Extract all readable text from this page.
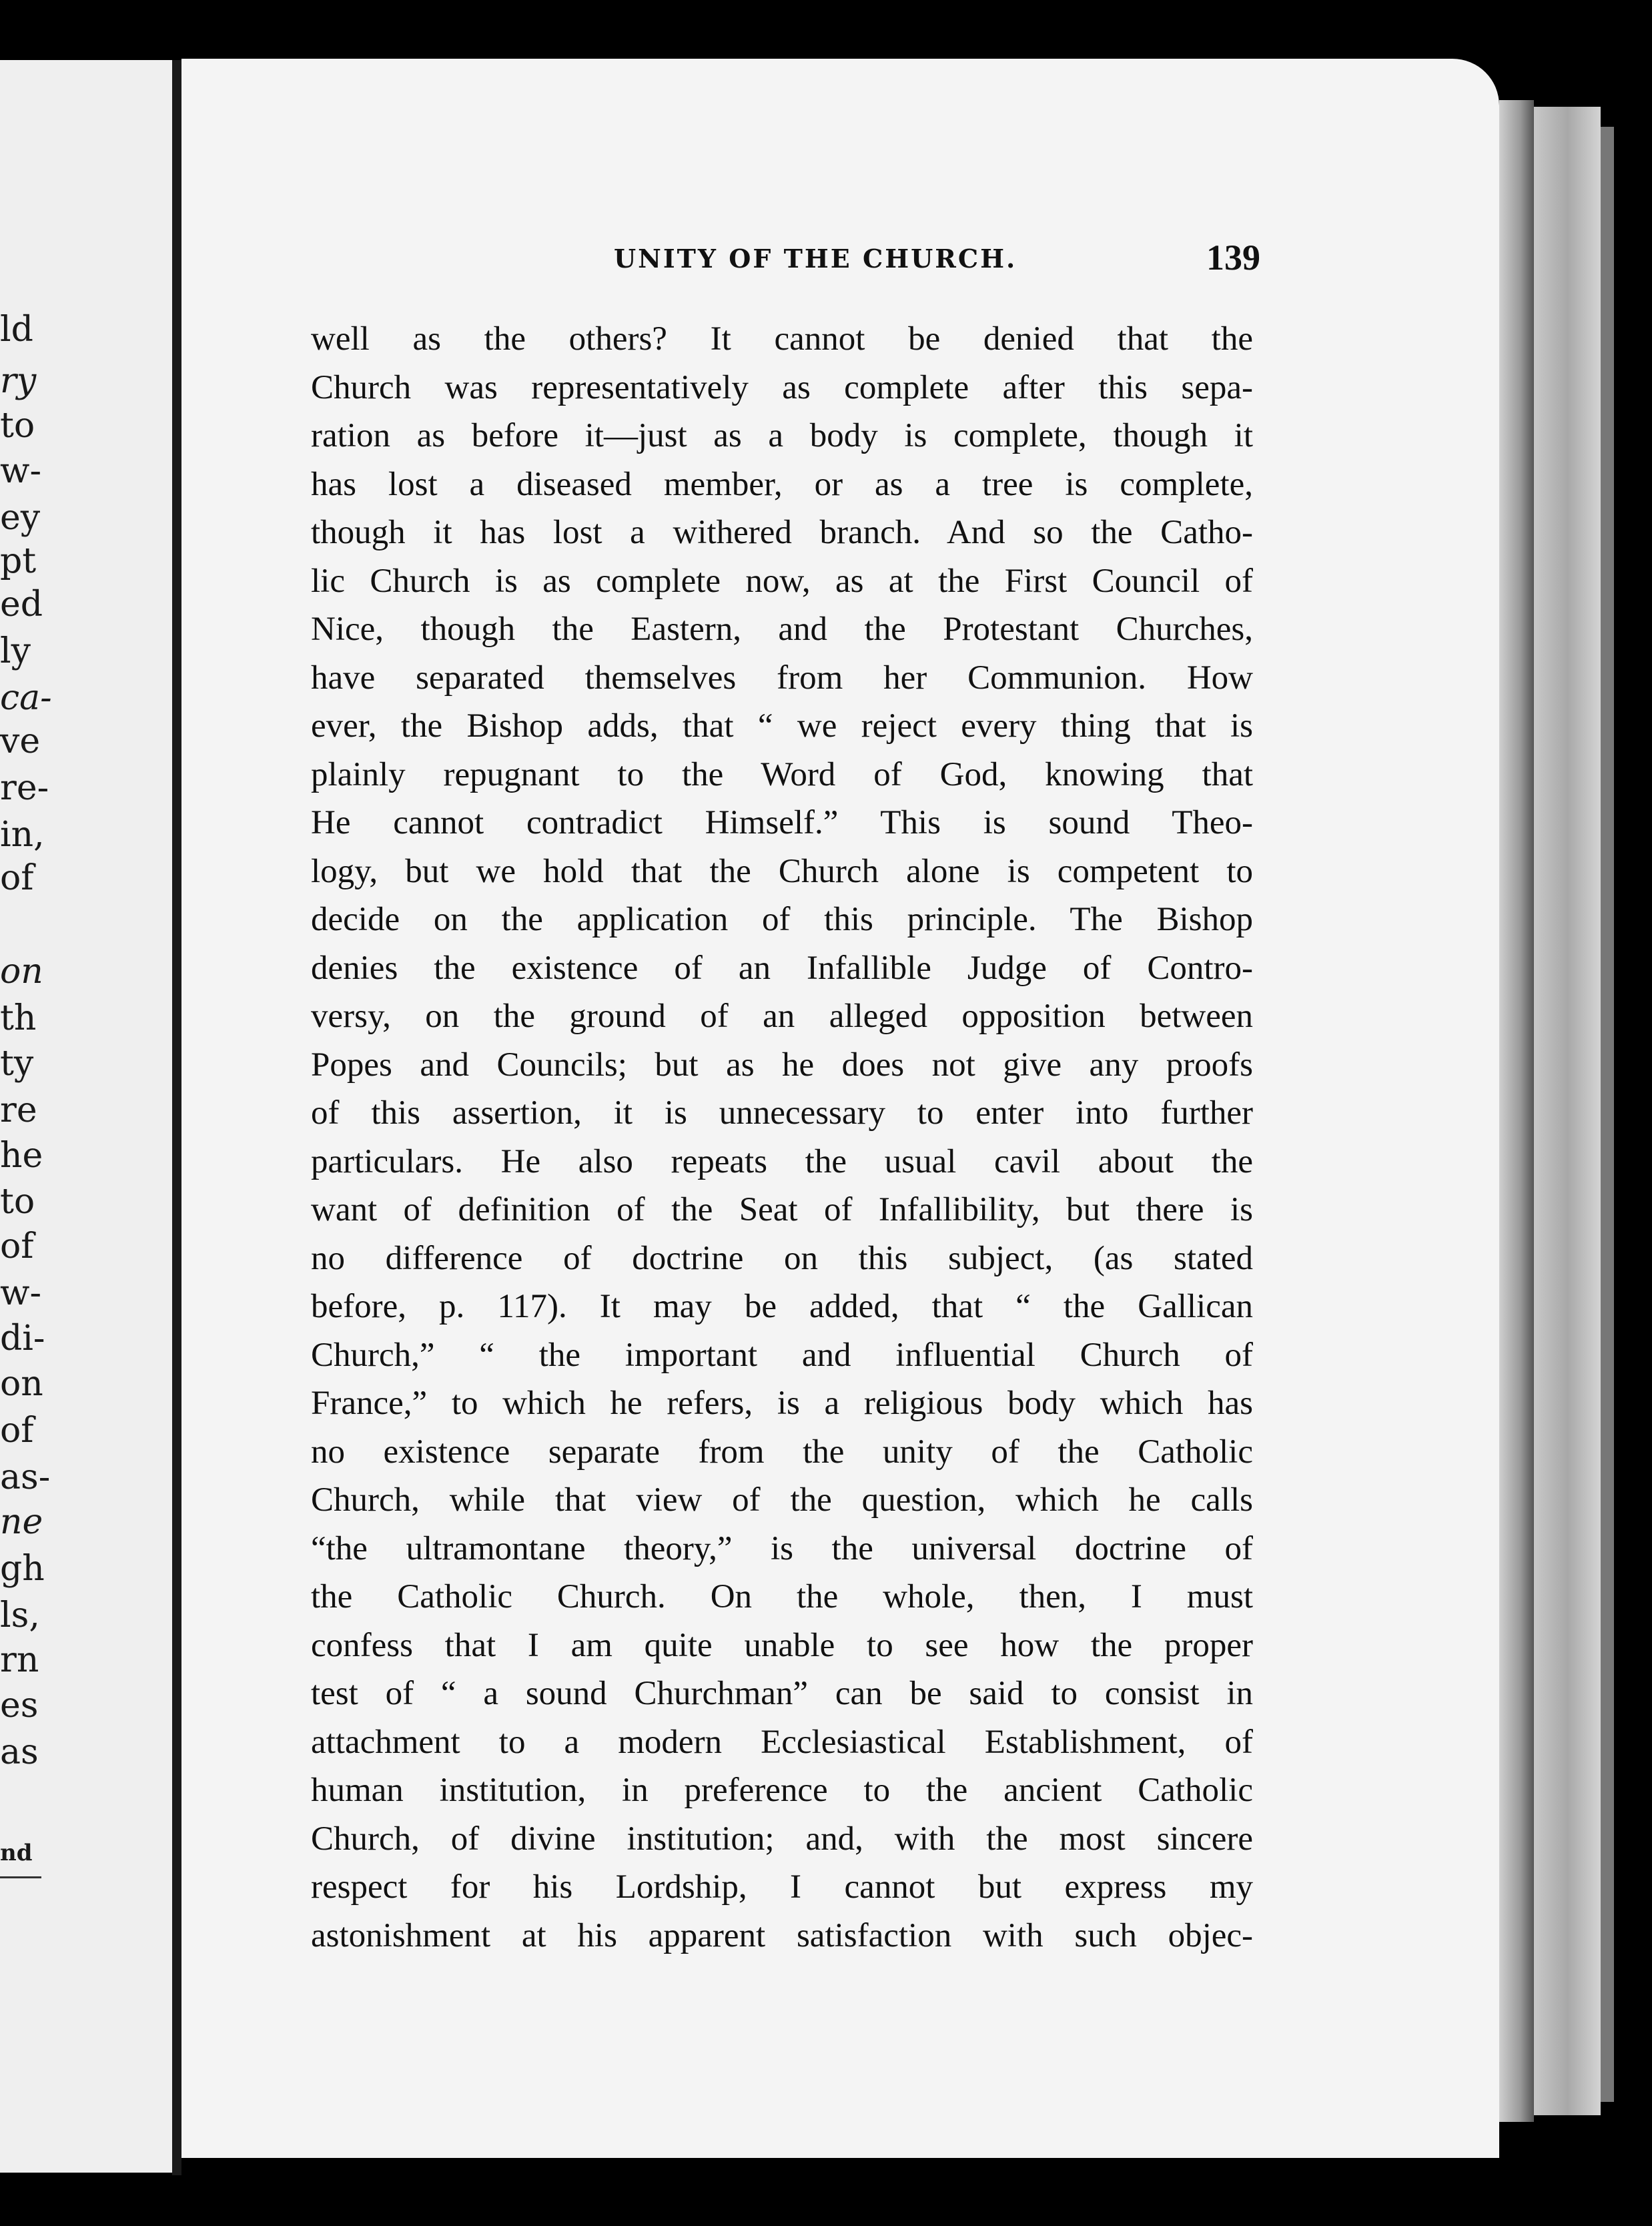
ld
ry
to
w-
ey
pt
ed
ly
ca-
ve
re-
in,
of
on
th
ty
re
he
to
of
w-
di-
on
of
as-
ne
gh
ls,
rn
es
as
nd
UNITY OF THE CHURCH.	139
well as the others? It cannot be denied that the
Church was representatively as complete after this sepa-
ration as before it—just as a body is complete, though it
has lost a diseased member, or as a tree is complete,
though it has lost a withered branch. And so the Catho-
lic Church is as complete now, as at the First Council of
Nice, though the Eastern, and the Protestant Churches,
have separated themselves from her Communion. How
ever, the Bishop adds, that “ we reject every thing that is
plainly repugnant to the Word of God, knowing that
He cannot contradict Himself.” This is sound Theo-
logy, but we hold that the Church alone is competent to
decide on the application of this principle. The Bishop
denies the existence of an Infallible Judge of Contro-
versy, on the ground of an alleged opposition between
Popes and Councils; but as he does not give any proofs
of this assertion, it is unnecessary to enter into further
particulars. He also repeats the usual cavil about the
want of definition of the Seat of Infallibility, but there is
no difference of doctrine on this subject, (as stated
before, p. 117). It may be added, that “ the Gallican
Church,” “ the important and influential Church of
France,” to which he refers, is a religious body which has
no existence separate from the unity of the Catholic
Church, while that view of the question, which he calls
“the ultramontane theory,” is the universal doctrine of
the Catholic Church. On the whole, then, I must
confess that I am quite unable to see how the proper
test of “ a sound Churchman” can be said to consist in
attachment to a modern Ecclesiastical Establishment, of
human institution, in preference to the ancient Catholic
Church, of divine institution; and, with the most sincere
respect for his Lordship, I cannot but express my
astonishment at his apparent satisfaction with such objec-
